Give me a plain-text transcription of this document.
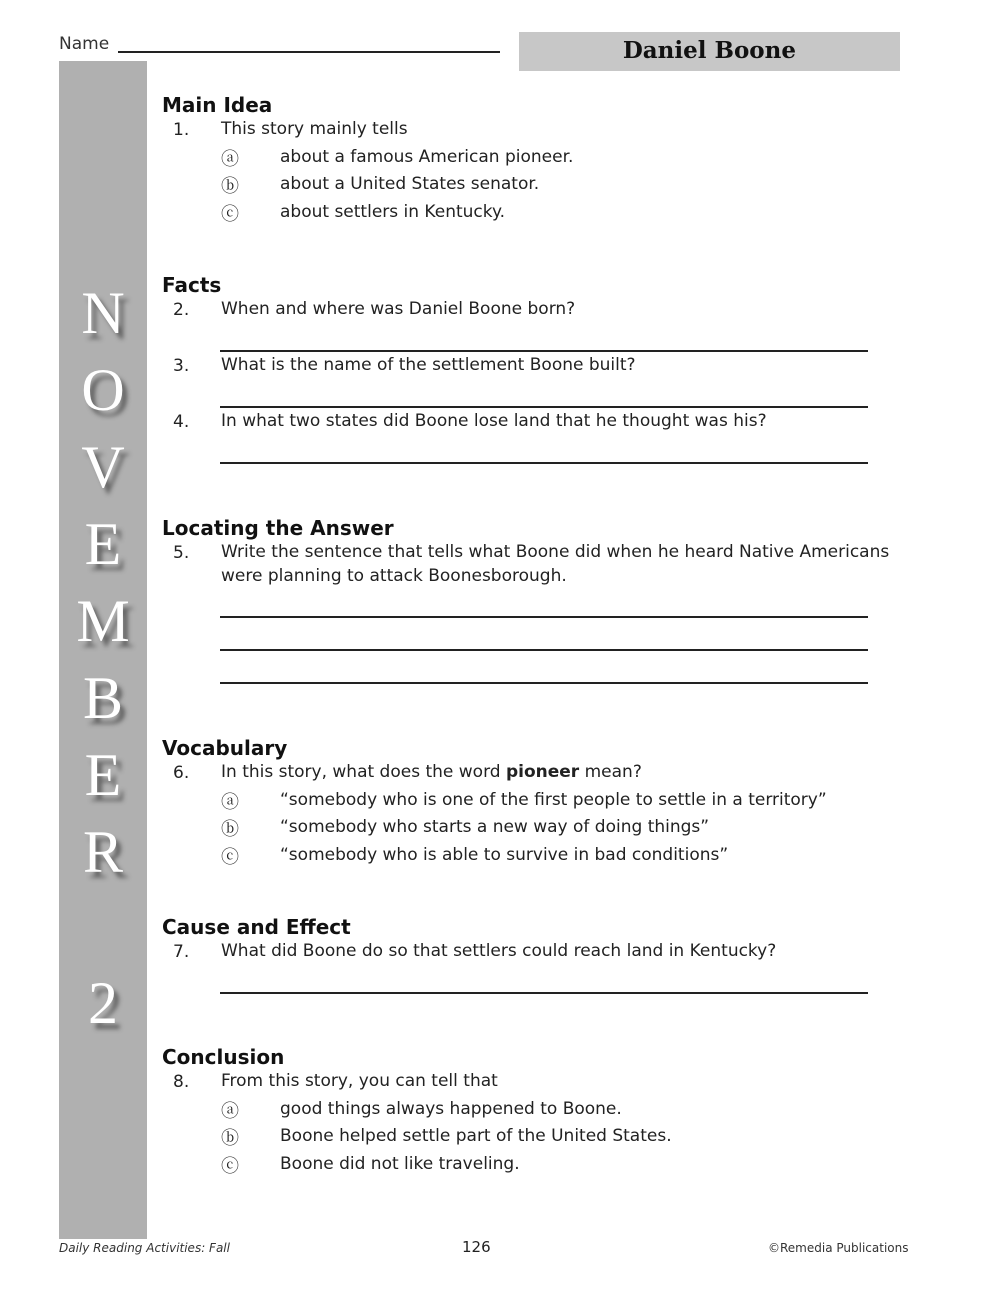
Name	Daniel Boone
N
O
V
E
M
B
E
R
2
Main Idea
1. This story mainly tells
ⓐ about a famous American pioneer.
ⓑ about a United States senator.
ⓒ about settlers in Kentucky.
Facts
2. When and where was Daniel Boone born?
3. What is the name of the settlement Boone built?
4. In what two states did Boone lose land that he thought was his?
Locating the Answer
5. Write the sentence that tells what Boone did when he heard Native Americans
were planning to attack Boonesborough.
Vocabulary
6. In this story, what does the word pioneer mean?
ⓐ “somebody who is one of the first people to settle in a territory”
ⓑ “somebody who starts a new way of doing things”
ⓒ “somebody who is able to survive in bad conditions”
Cause and Effect
7. What did Boone do so that settlers could reach land in Kentucky?
Conclusion
8. From this story, you can tell that
ⓐ good things always happened to Boone.
ⓑ Boone helped settle part of the United States.
ⓒ Boone did not like traveling.
Daily Reading Activities: Fall	126	©Remedia Publications
